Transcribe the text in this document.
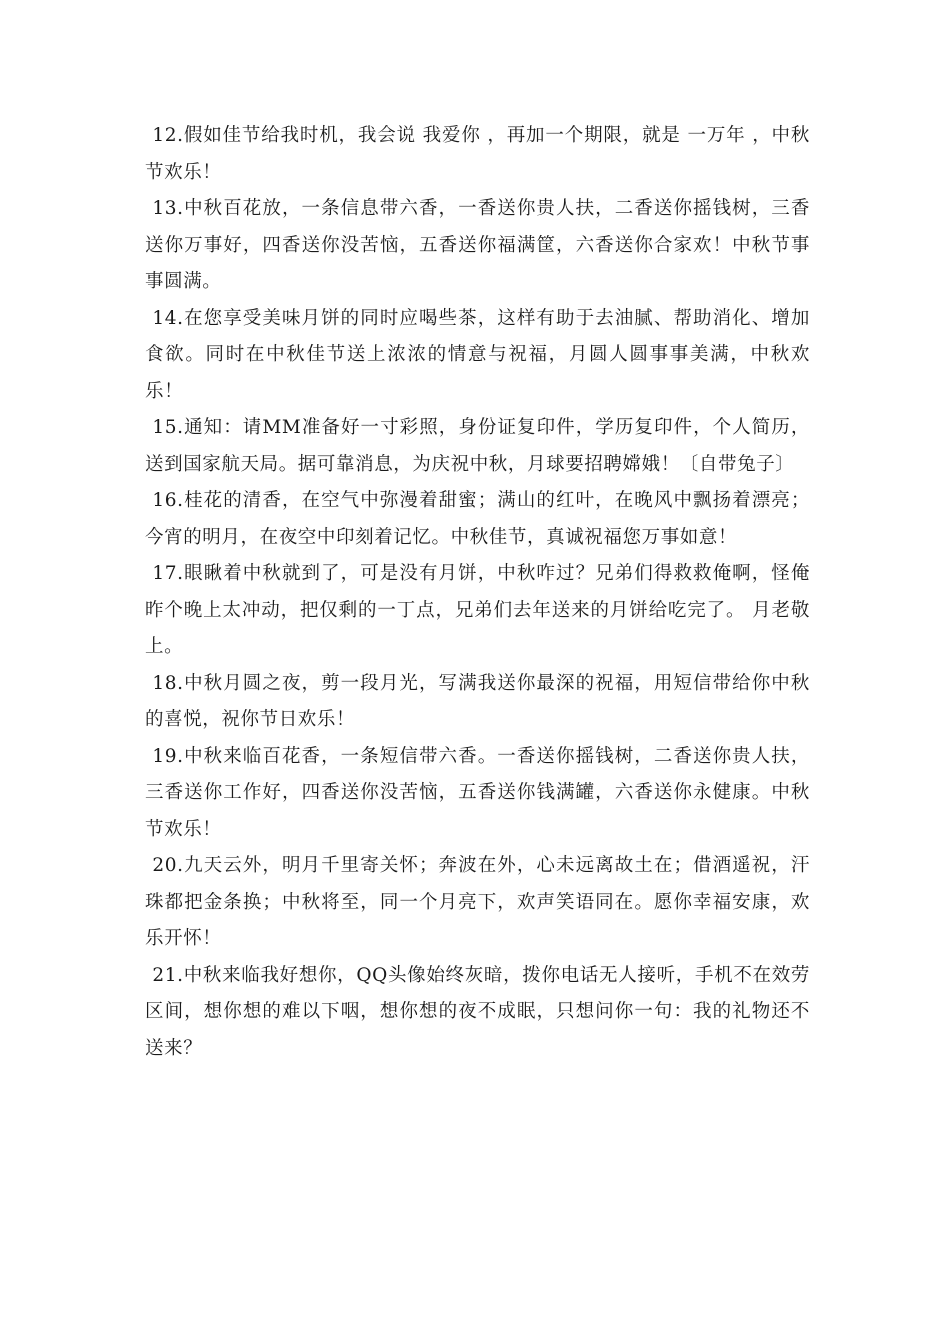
12.假如佳节给我时机，我会说 我爱你 ，再加一个期限，就是 一万年 ，中秋节欢乐！

13.中秋百花放，一条信息带六香，一香送你贵人扶，二香送你摇钱树，三香送你万事好，四香送你没苦恼，五香送你福满筐，六香送你合家欢！中秋节事事圆满。

14.在您享受美味月饼的同时应喝些茶，这样有助于去油腻、帮助消化、增加食欲。同时在中秋佳节送上浓浓的情意与祝福，月圆人圆事事美满，中秋欢乐！

15.通知：请MM准备好一寸彩照，身份证复印件，学历复印件，个人简历，送到国家航天局。据可靠消息，为庆祝中秋，月球要招聘嫦娥！〔自带兔子〕

16.桂花的清香，在空气中弥漫着甜蜜；满山的红叶，在晚风中飘扬着漂亮；今宵的明月，在夜空中印刻着记忆。中秋佳节，真诚祝福您万事如意！

17.眼瞅着中秋就到了，可是没有月饼，中秋咋过？兄弟们得救救俺啊，怪俺昨个晚上太冲动，把仅剩的一丁点，兄弟们去年送来的月饼给吃完了。 月老敬上。

18.中秋月圆之夜，剪一段月光，写满我送你最深的祝福，用短信带给你中秋的喜悦，祝你节日欢乐！

19.中秋来临百花香，一条短信带六香。一香送你摇钱树，二香送你贵人扶，三香送你工作好，四香送你没苦恼，五香送你钱满罐，六香送你永健康。中秋节欢乐！

20.九天云外，明月千里寄关怀；奔波在外，心未远离故土在；借酒遥祝，汗珠都把金条换；中秋将至，同一个月亮下，欢声笑语同在。愿你幸福安康，欢乐开怀！

21.中秋来临我好想你，QQ头像始终灰暗，拨你电话无人接听，手机不在效劳区间，想你想的难以下咽，想你想的夜不成眠，只想问你一句：我的礼物还不送来？
